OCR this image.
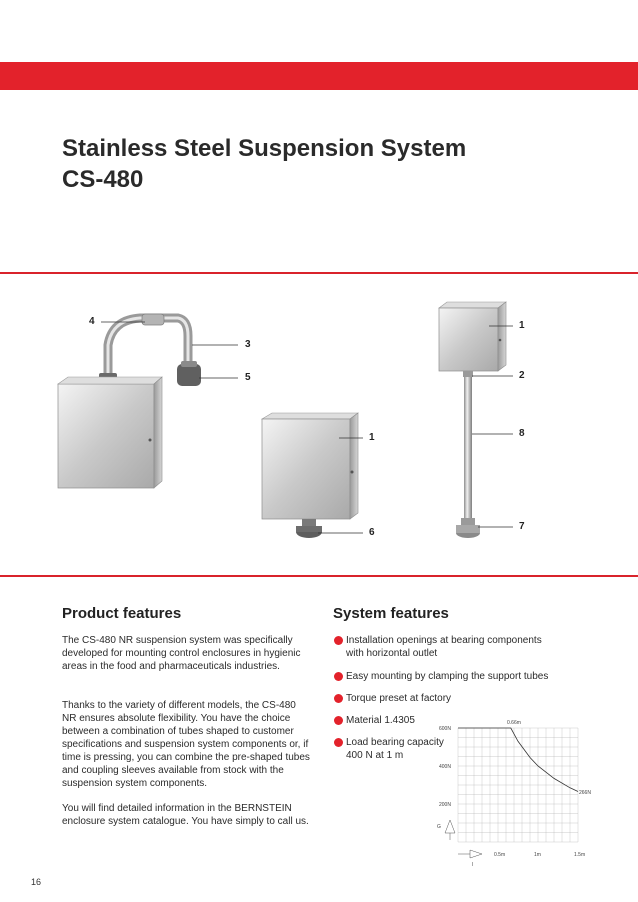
Stainless Steel Suspension System
CS-480
4
3
5
1
6
1
2
8
7
Product features

The CS-480 NR suspension system was specifically developed for mounting control enclosures in hygienic areas in the food and pharmaceuticals industries.

Thanks to the variety of different models, the CS-480 NR ensures absolute flexibility. You have the choice between a combination of tubes shaped to customer specifications and suspension system components or, if time is pressing, you can combine the pre-shaped tubes and coupling sleeves available from stock with the suspension system components.

You will find detailed information in the BERNSTEIN enclosure system catalogue. You have simply to call us.

System features
Installation openings at bearing components with horizontal outlet
Easy mounting by clamping the support tubes
Torque preset at factory
Material 1.4305
Load bearing capacity 400 N at 1 m
0.5m	1m	1.5m
200N
400N
600N
G
l
0.66m
266N
16
